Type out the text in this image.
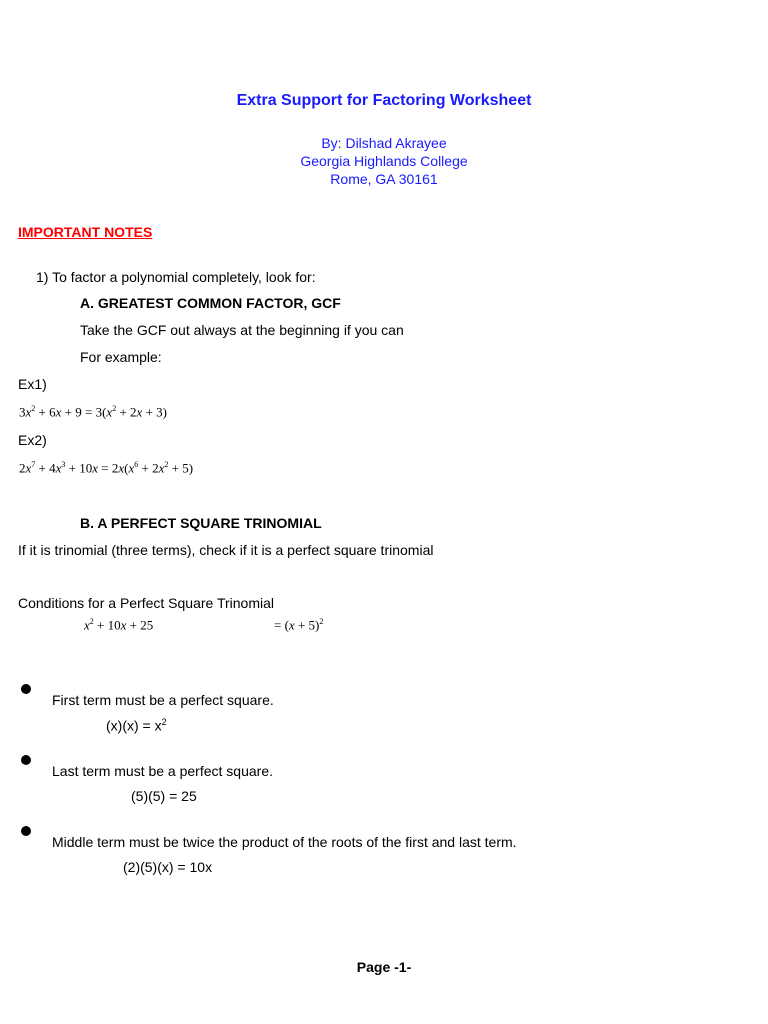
Extra Support for Factoring Worksheet
By: Dilshad Akrayee
Georgia Highlands College
Rome, GA 30161
IMPORTANT NOTES
1) To factor a polynomial completely, look for:
A. GREATEST COMMON FACTOR, GCF
Take the GCF out always at the beginning if you can
For example:
Ex1)
$3x^2 + 6x + 9 = 3(x^2 + 2x + 3)$
Ex2)
$2x^7 + 4x^3 + 10x = 2x(x^6 + 2x^2 + 5)$
B. A PERFECT SQUARE TRINOMIAL
If it is trinomial (three terms), check if it is a perfect square trinomial
Conditions for a Perfect Square Trinomial
$x^2 + 10x + 25$	= $(x + 5)^2$
First term must be a perfect square.
$(x)(x) = x^2$
Last term must be a perfect square.
(5)(5) = 25
Middle term must be twice the product of the roots of the first and last term.
(2)(5)(x) = 10x
Page -1-
